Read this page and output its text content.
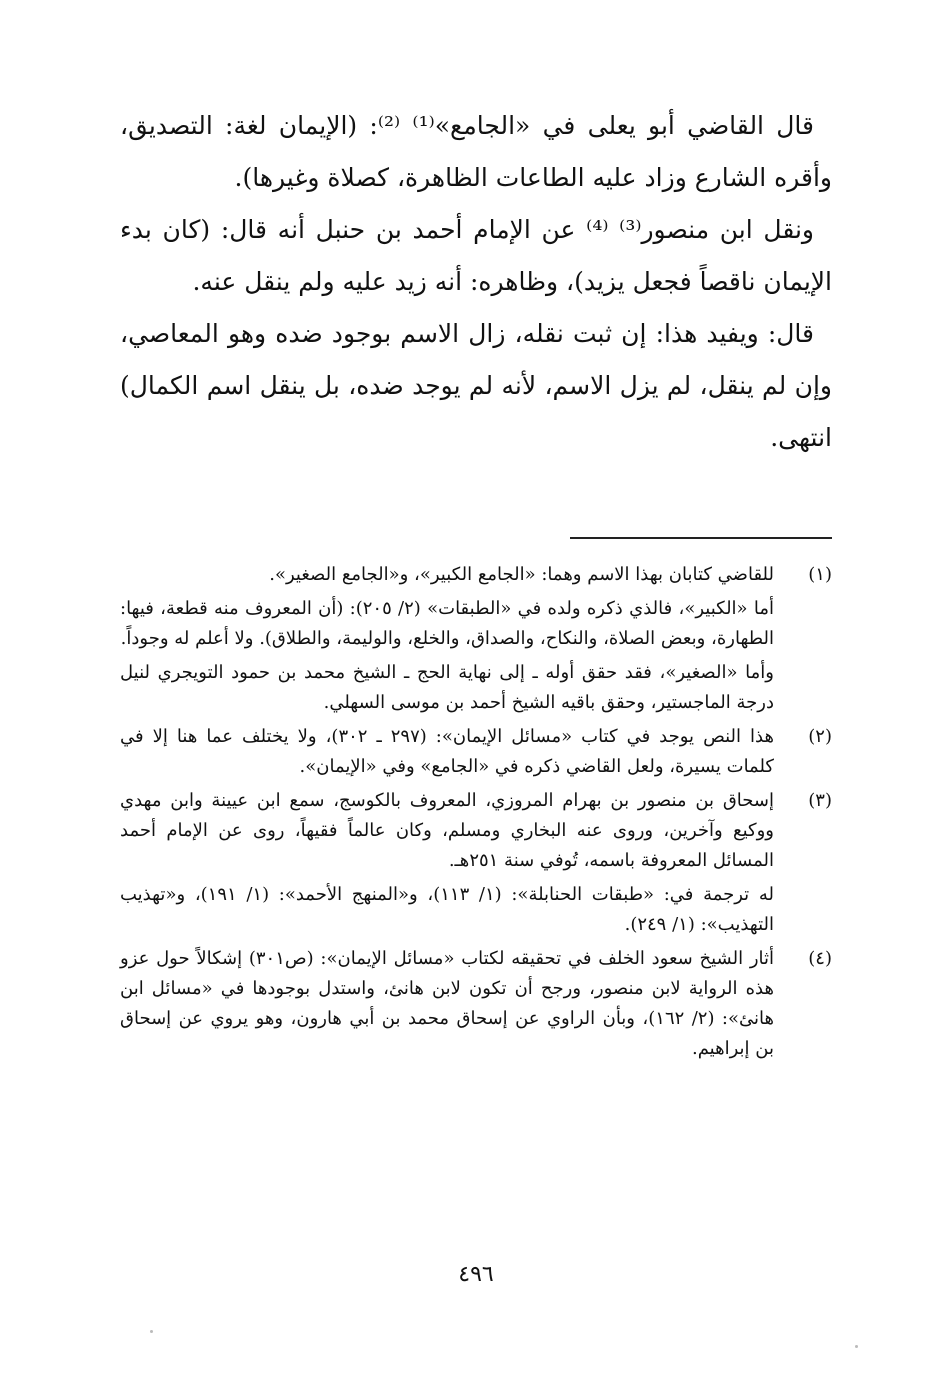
قال القاضي أبو يعلى في «الجامع»⁽¹⁾ ⁽²⁾: (الإيمان لغة: التصديق، وأقره الشارع وزاد عليه الطاعات الظاهرة، كصلاة وغيرها).

ونقل ابن منصور⁽³⁾ ⁽⁴⁾ عن الإمام أحمد بن حنبل أنه قال: (كان بدء الإيمان ناقصاً فجعل يزيد)، وظاهره: أنه زيد عليه ولم ينقل عنه.

قال: ويفيد هذا: إن ثبت نقله، زال الاسم بوجود ضده وهو المعاصي، وإن لم ينقل، لم يزل الاسم، لأنه لم يوجد ضده، بل ينقل اسم الكمال) انتهى.

(١)

للقاضي كتابان بهذا الاسم وهما: «الجامع الكبير»، و«الجامع الصغير».

أما «الكبير»، فالذي ذكره ولده في «الطبقات» (٢/ ٢٠٥): (أن المعروف منه قطعة، فيها: الطهارة، وبعض الصلاة، والنكاح، والصداق، والخلع، والوليمة، والطلاق). ولا أعلم له وجوداً.

وأما «الصغير»، فقد حقق أوله ـ إلى نهاية الحج ـ الشيخ محمد بن حمود التويجري لنيل درجة الماجستير، وحقق باقيه الشيخ أحمد بن موسى السهلي.

(٢)

هذا النص يوجد في كتاب «مسائل الإيمان»: (٢٩٧ ـ ٣٠٢)، ولا يختلف عما هنا إلا في كلمات يسيرة، ولعل القاضي ذكره في «الجامع» وفي «الإيمان».

(٣)

إسحاق بن منصور بن بهرام المروزي، المعروف بالكوسج، سمع ابن عيينة وابن مهدي ووكيع وآخرين، وروى عنه البخاري ومسلم، وكان عالماً فقيهاً، روى عن الإمام أحمد المسائل المعروفة باسمه، تُوفي سنة ٢٥١هـ.

له ترجمة في: «طبقات الحنابلة»: (١/ ١١٣)، و«المنهج الأحمد»: (١/ ١٩١)، و«تهذيب التهذيب»: (١/ ٢٤٩).

(٤)

أثار الشيخ سعود الخلف في تحقيقه لكتاب «مسائل الإيمان»: (ص٣٠١) إشكالاً حول عزو هذه الرواية لابن منصور، ورجح أن تكون لابن هانئ، واستدل بوجودها في «مسائل ابن هانئ»: (٢/ ١٦٢)، وبأن الراوي عن إسحاق محمد بن أبي هارون، وهو يروي عن إسحاق بن إبراهيم.

٤٩٦
